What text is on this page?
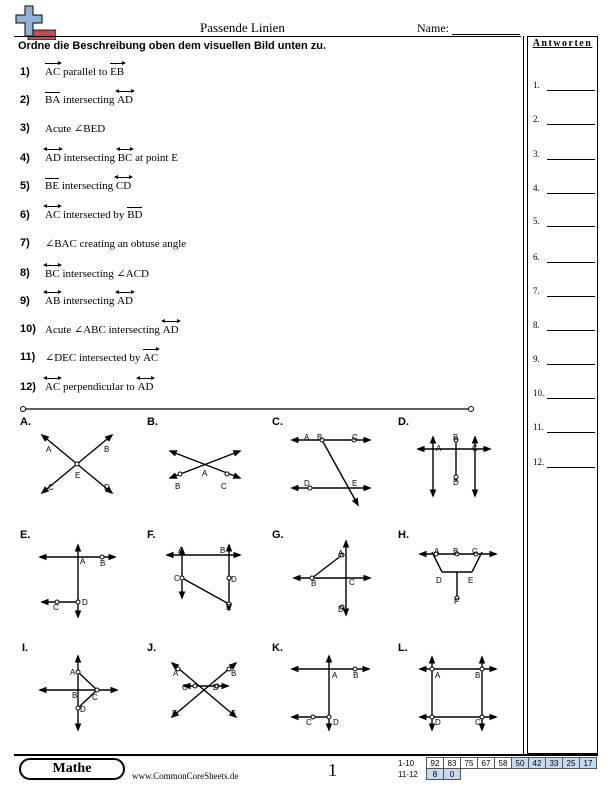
Passende Linien	Name:
Ordne die Beschreibung oben dem visuellen Bild unten zu.	Antworten
1.
2.
3.
4.
5.
6.
7.
8.
9.
10.
11.
12.
1) AC parallel to EB
2) BA intersecting AD
3) Acute ∠BED
4) AD
intersecting BC
at point E
5) BE intersecting CD
6) AC
intersected by BD
7) ∠BAC creating an obtuse angle
8) BC
intersecting ∠ACD
9) AB
intersecting AD
10) Acute ∠ABC intersecting AD
11) ∠DEC intersected by AC
12) AC
perpendicular to AD
A.	B.	C.	D.
E.	F.	G.	H.
I.	J.	K.	L.
A	B
C	D
E
B
A
C
A B	C
D	E
A
B
C
D
A B
C
D
A	B
C	D
E
A
B	C
D
A B C
D	E
F
A
B C
D
A	B
C	D
E	F
A B
C	D
A	B
D	C
Mathe	www.CommonCoreSheets.de	1	1-10	92	83	75	67	58	50	42	33	25	17
11-12	8	0								
